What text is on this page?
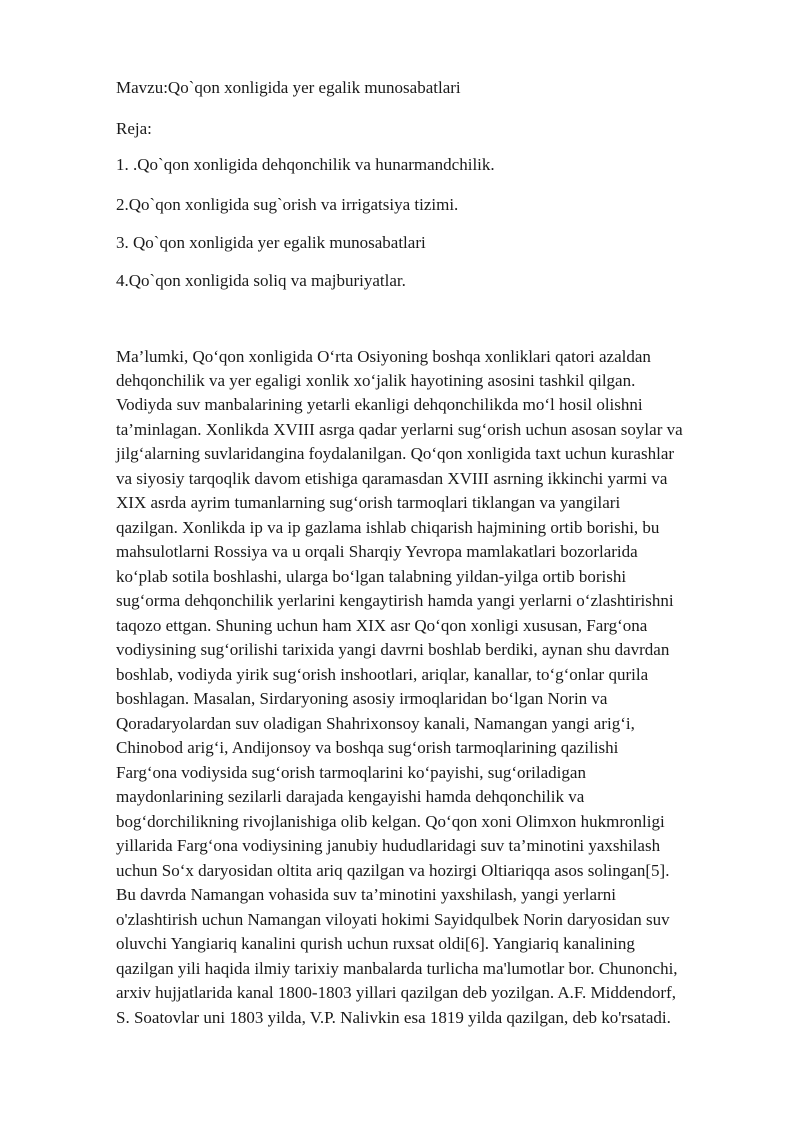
Mavzu:Qo`qon xonligida yer egalik munosabatlari
Reja:
1. .Qo`qon xonligida dehqonchilik va hunarmandchilik.
2.Qo`qon xonligida sug`orish va irrigatsiya tizimi.
3. Qo`qon xonligida yer egalik munosabatlari
4.Qo`qon xonligida soliq va majburiyatlar.
Ma’lumki, Qo‘qon xonligida O‘rta Osiyoning boshqa xonliklari qatori azaldan
dehqonchilik va yer egaligi xonlik xo‘jalik hayotining asosini tashkil qilgan.
Vodiyda suv manbalarining yetarli ekanligi dehqonchilikda mo‘l hosil olishni
ta’minlagan. Xonlikda XVIII asrga qadar yerlarni sug‘orish uchun asosan soylar va
jilg‘alarning suvlaridangina foydalanilgan. Qo‘qon xonligida taxt uchun kurashlar
va siyosiy tarqoqlik davom etishiga qaramasdan XVIII asrning ikkinchi yarmi va
XIX asrda ayrim tumanlarning sug‘orish tarmoqlari tiklangan va yangilari
qazilgan. Xonlikda ip va ip gazlama ishlab chiqarish hajmining ortib borishi, bu
mahsulotlarni Rossiya va u orqali Sharqiy Yevropa mamlakatlari bozorlarida
ko‘plab sotila boshlashi, ularga bo‘lgan talabning yildan-yilga ortib borishi
sug‘orma dehqonchilik yerlarini kengaytirish hamda yangi yerlarni o‘zlashtirishni
taqozo ettgan. Shuning uchun ham XIX asr Qo‘qon xonligi xususan, Farg‘ona
vodiysining sug‘orilishi tarixida yangi davrni boshlab berdiki, aynan shu davrdan
boshlab, vodiyda yirik sug‘orish inshootlari, ariqlar, kanallar, to‘g‘onlar qurila
boshlagan. Masalan, Sirdaryoning asosiy irmoqlaridan bo‘lgan Norin va
Qoradaryolardan suv oladigan Shahrixonsoy kanali, Namangan yangi arig‘i,
Chinobod arig‘i, Andijonsoy va boshqa sug‘orish tarmoqlarining qazilishi
Farg‘ona vodiysida sug‘orish tarmoqlarini ko‘payishi, sug‘oriladigan
maydonlarining sezilarli darajada kengayishi hamda dehqonchilik va
bog‘dorchilikning rivojlanishiga olib kelgan. Qo‘qon xoni Olimxon hukmronligi
yillarida Farg‘ona vodiysining janubiy hududlaridagi suv ta’minotini yaxshilash
uchun So‘x daryosidan oltita ariq qazilgan va hozirgi Oltiariqqa asos solingan[5].
Bu davrda Namangan vohasida suv ta’minotini yaxshilash, yangi yerlarni
o'zlashtirish uchun Namangan viloyati hokimi Sayidqulbek Norin daryosidan suv
oluvchi Yangiariq kanalini qurish uchun ruxsat oldi[6]. Yangiariq kanalining
qazilgan yili haqida ilmiy tarixiy manbalarda turlicha ma'lumotlar bor. Chunonchi,
arxiv hujjatlarida kanal 1800-1803 yillari qazilgan deb yozilgan. A.F. Middendorf,
S. Soatovlar uni 1803 yilda, V.P. Nalivkin esa 1819 yilda qazilgan, deb ko'rsatadi.
